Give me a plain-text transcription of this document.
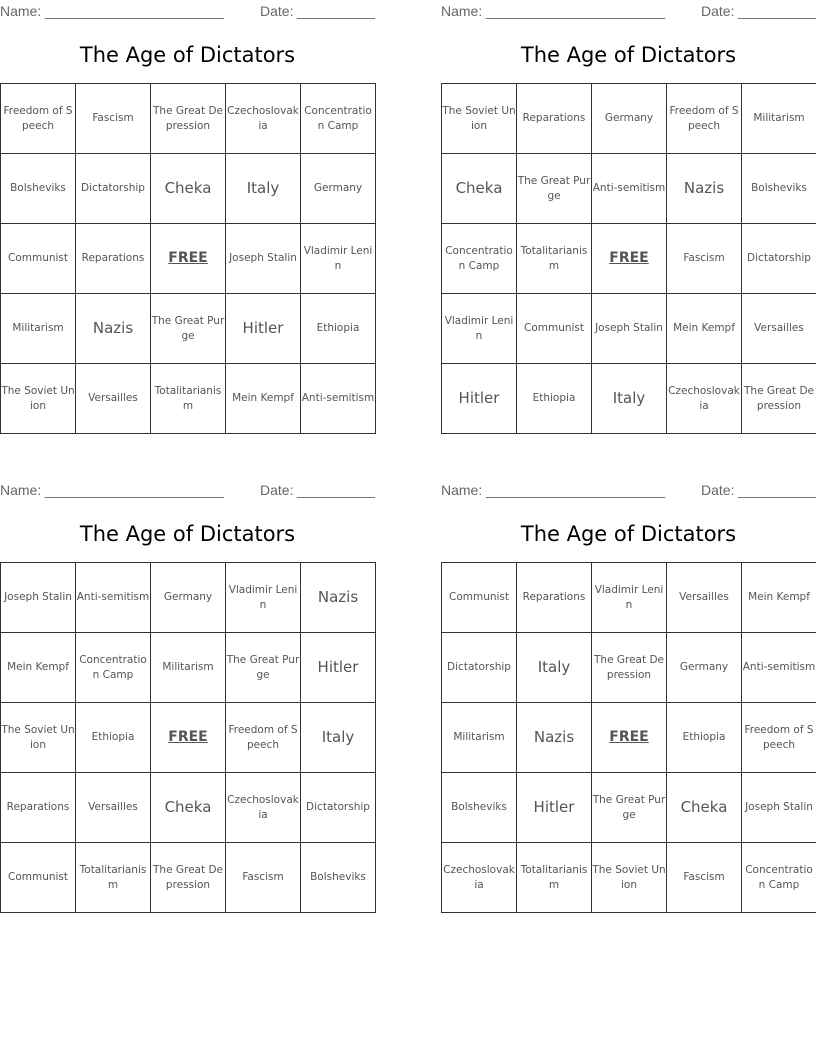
Name: _______________________	Date: __________
The Age of Dictators
Freedom of Speech	Fascism	The Great Depression	Czechoslovakia	Concentration Camp
Bolsheviks	Dictatorship	Cheka	Italy	Germany
Communist	Reparations	FREE	Joseph Stalin	Vladimir Lenin
Militarism	Nazis	The Great Purge	Hitler	Ethiopia
The Soviet Union	Versailles	Totalitarianism	Mein Kempf	Anti-semitism
Name: _______________________	Date: __________
The Age of Dictators
The Soviet Union	Reparations	Germany	Freedom of Speech	Militarism
Cheka	The Great Purge	Anti-semitism	Nazis	Bolsheviks
Concentration Camp	Totalitarianism	FREE	Fascism	Dictatorship
Vladimir Lenin	Communist	Joseph Stalin	Mein Kempf	Versailles
Hitler	Ethiopia	Italy	Czechoslovakia	The Great Depression
Name: _______________________	Date: __________
The Age of Dictators
Joseph Stalin	Anti-semitism	Germany	Vladimir Lenin	Nazis
Mein Kempf	Concentration Camp	Militarism	The Great Purge	Hitler
The Soviet Union	Ethiopia	FREE	Freedom of Speech	Italy
Reparations	Versailles	Cheka	Czechoslovakia	Dictatorship
Communist	Totalitarianism	The Great Depression	Fascism	Bolsheviks
Name: _______________________	Date: __________
The Age of Dictators
Communist	Reparations	Vladimir Lenin	Versailles	Mein Kempf
Dictatorship	Italy	The Great Depression	Germany	Anti-semitism
Militarism	Nazis	FREE	Ethiopia	Freedom of Speech
Bolsheviks	Hitler	The Great Purge	Cheka	Joseph Stalin
Czechoslovakia	Totalitarianism	The Soviet Union	Fascism	Concentration Camp
